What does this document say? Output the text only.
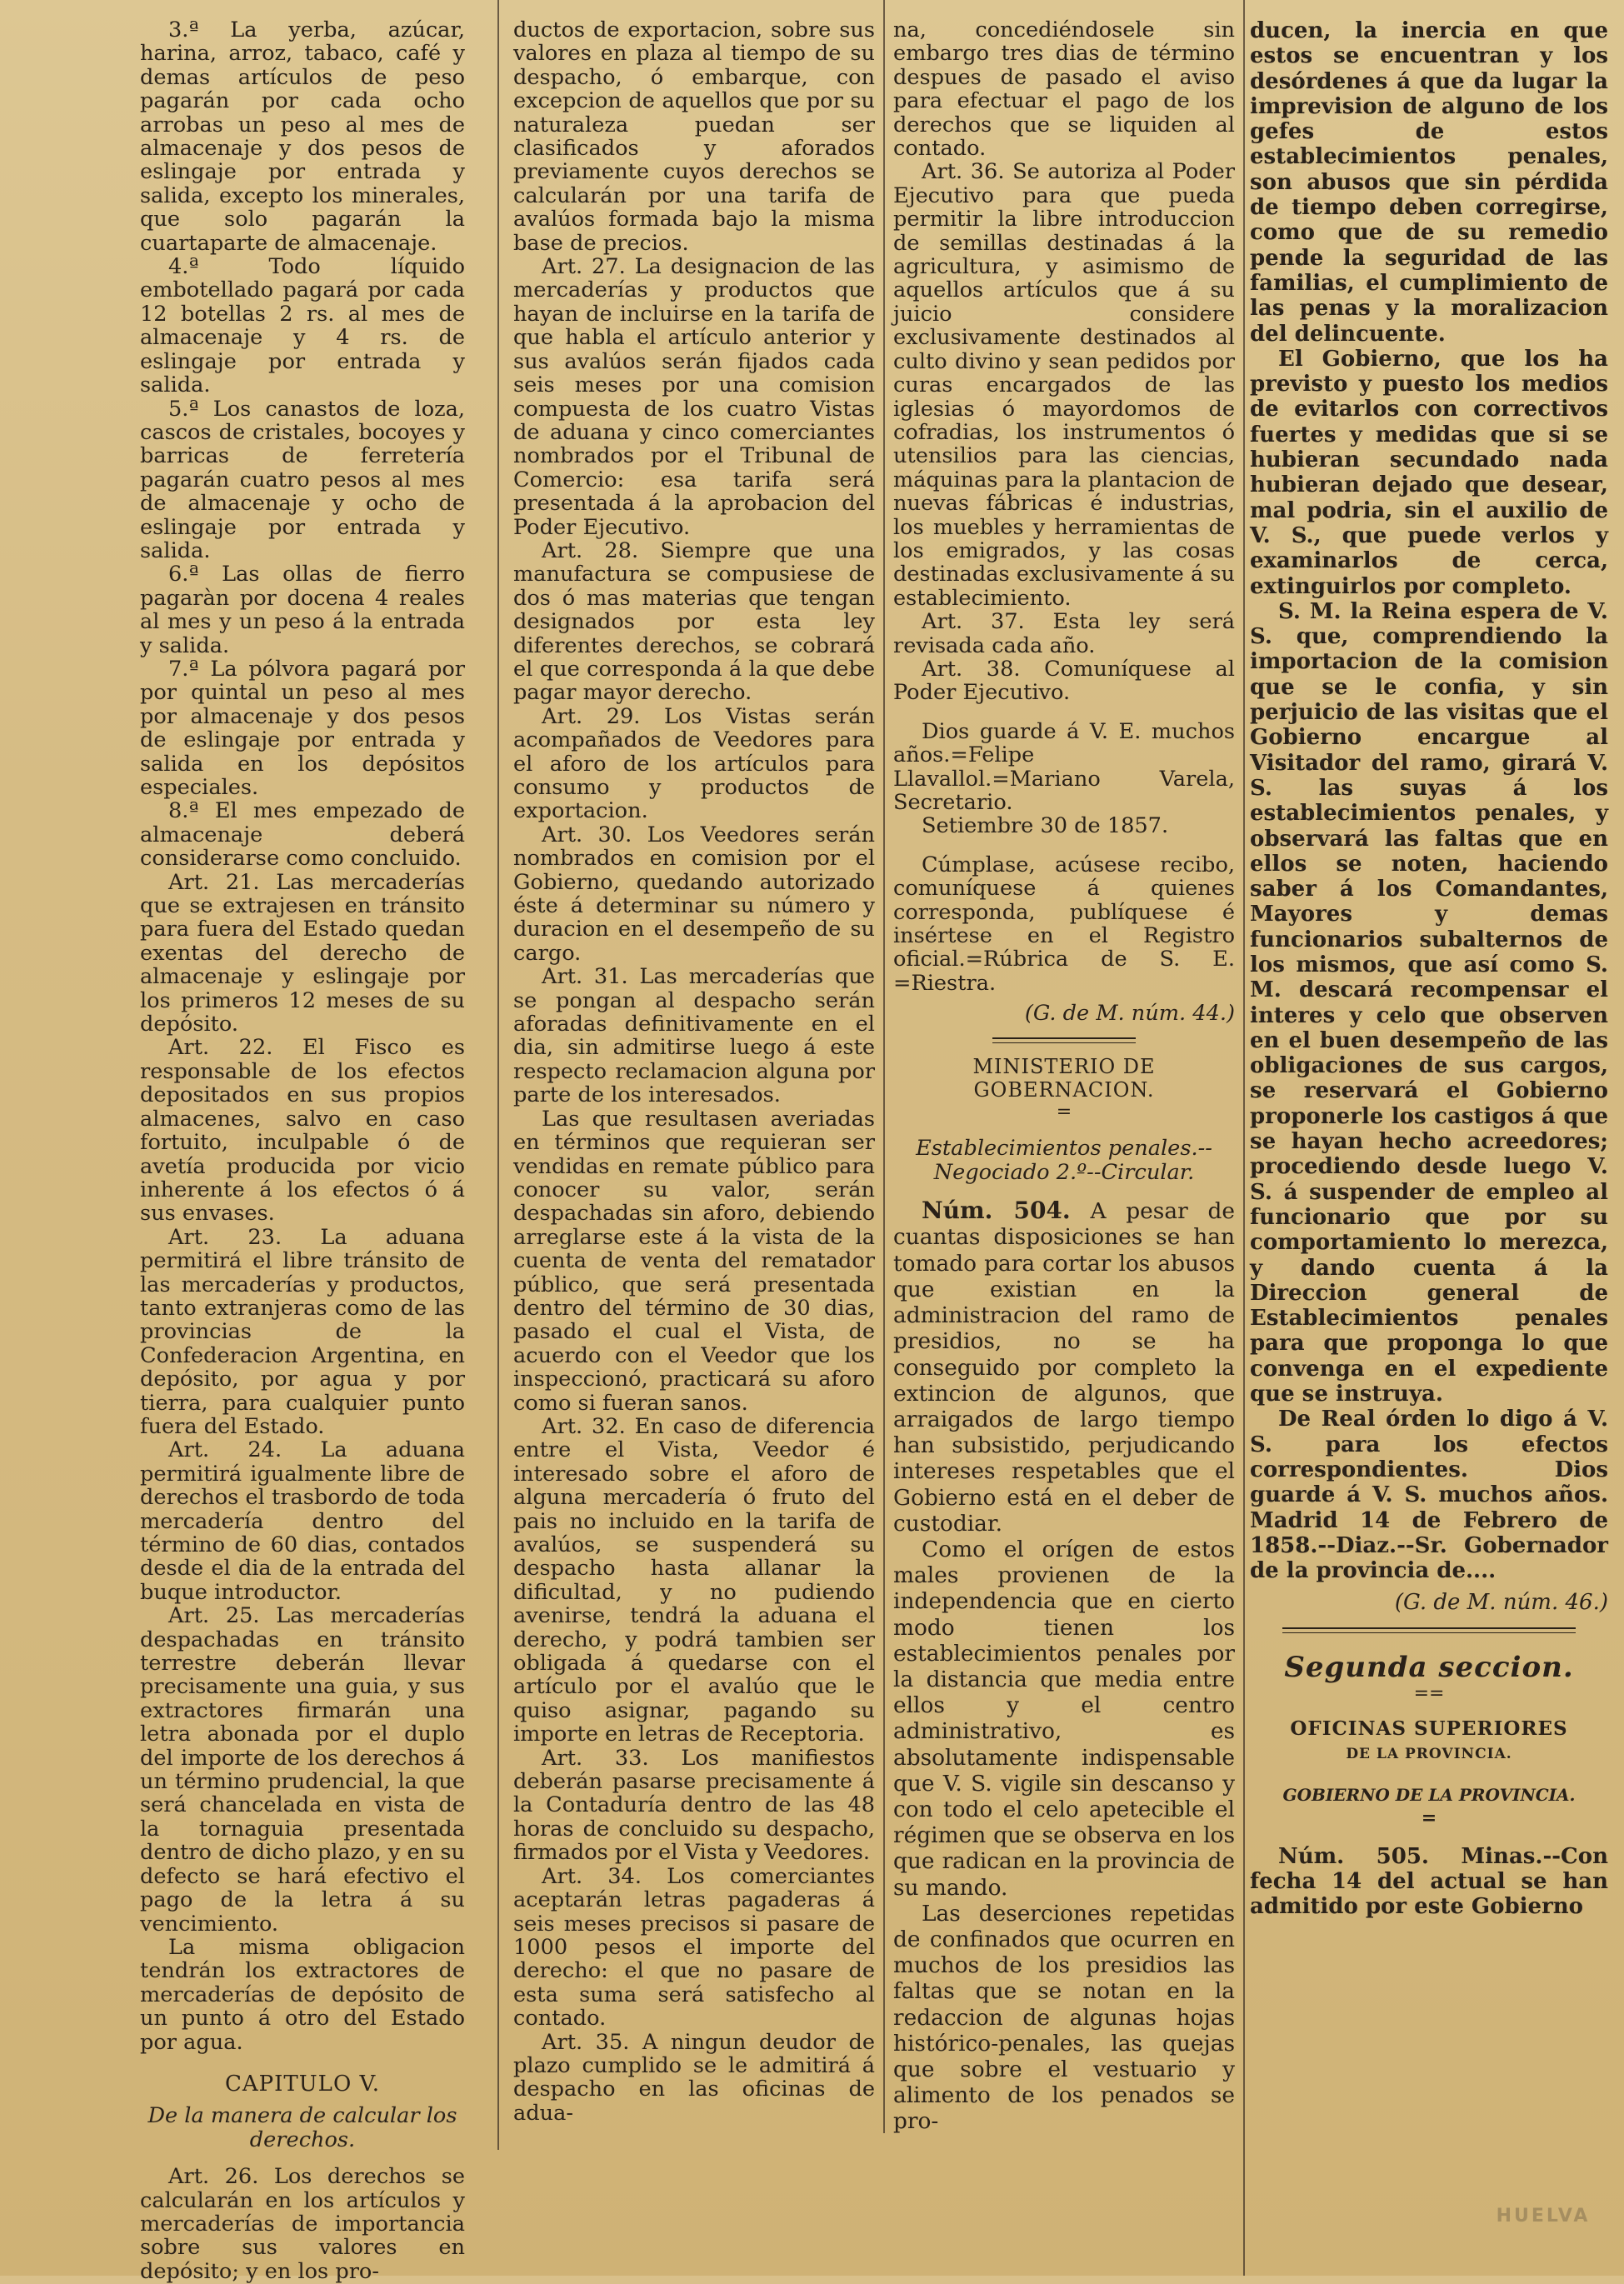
3.ª La yerba, azúcar, harina, arroz, tabaco, café y demas artículos de peso pagarán por cada ocho arrobas un peso al mes de almacenaje y dos pesos de eslingaje por entrada y salida, excepto los minerales, que solo pagarán la cuartaparte de almacenaje.

4.ª Todo líquido embotellado pagará por cada 12 botellas 2 rs. al mes de almacenaje y 4 rs. de eslingaje por entrada y salida.

5.ª Los canastos de loza, cascos de cristales, bocoyes y barricas de ferretería pagarán cuatro pesos al mes de almacenaje y ocho de eslingaje por entrada y salida.

6.ª Las ollas de fierro pagaràn por docena 4 reales al mes y un peso á la entrada y salida.

7.ª La pólvora pagará por por quintal un peso al mes por almacenaje y dos pesos de eslingaje por entrada y salida en los depósitos especiales.

8.ª El mes empezado de almacenaje deberá considerarse como concluido.

Art. 21. Las mercaderías que se extrajesen en tránsito para fuera del Estado quedan exentas del derecho de almacenaje y eslingaje por los primeros 12 meses de su depósito.

Art. 22. El Fisco es responsable de los efectos depositados en sus propios almacenes, salvo en caso fortuito, inculpable ó de avetía producida por vicio inherente á los efectos ó á sus envases.

Art. 23. La aduana permitirá el libre tránsito de las mercaderías y productos, tanto extranjeras como de las provincias de la Confederacion Argentina, en depósito, por agua y por tierra, para cualquier punto fuera del Estado.

Art. 24. La aduana permitirá igualmente libre de derechos el trasbordo de toda mercadería dentro del término de 60 dias, contados desde el dia de la entrada del buque introductor.

Art. 25. Las mercaderías despachadas en tránsito terrestre deberán llevar precisamente una guia, y sus extractores firmarán una letra abonada por el duplo del importe de los derechos á un término prudencial, la que será chancelada en vista de la tornaguia presentada dentro de dicho plazo, y en su defecto se hará efectivo el pago de la letra á su vencimiento.

La misma obligacion tendrán los extractores de mercaderías de depósito de un punto á otro del Estado por agua.

CAPITULO V.
De la manera de calcular los derechos.

Art. 26. Los derechos se calcularán en los artículos y mercaderías de importancia sobre sus valores en depósito; y en los pro-

ductos de exportacion, sobre sus valores en plaza al tiempo de su despacho, ó embarque, con excepcion de aquellos que por su naturaleza puedan ser clasificados y aforados previamente cuyos derechos se calcularán por una tarifa de avalúos formada bajo la misma base de precios.

Art. 27. La designacion de las mercaderías y productos que hayan de incluirse en la tarifa de que habla el artículo anterior y sus avalúos serán fijados cada seis meses por una comision compuesta de los cuatro Vistas de aduana y cinco comerciantes nombrados por el Tribunal de Comercio: esa tarifa será presentada á la aprobacion del Poder Ejecutivo.

Art. 28. Siempre que una manufactura se compusiese de dos ó mas materias que tengan designados por esta ley diferentes derechos, se cobrará el que corresponda á la que debe pagar mayor derecho.

Art. 29. Los Vistas serán acompañados de Veedores para el aforo de los artículos para consumo y productos de exportacion.

Art. 30. Los Veedores serán nombrados en comision por el Gobierno, quedando autorizado éste á determinar su número y duracion en el desempeño de su cargo.

Art. 31. Las mercaderías que se pongan al despacho serán aforadas definitivamente en el dia, sin admitirse luego á este respecto reclamacion alguna por parte de los interesados.

Las que resultasen averiadas en términos que requieran ser vendidas en remate público para conocer su valor, serán despachadas sin aforo, debiendo arreglarse este á la vista de la cuenta de venta del rematador público, que será presentada dentro del término de 30 dias, pasado el cual el Vista, de acuerdo con el Veedor que los inspeccionó, practicará su aforo como si fueran sanos.

Art. 32. En caso de diferencia entre el Vista, Veedor é interesado sobre el aforo de alguna mercadería ó fruto del pais no incluido en la tarifa de avalúos, se suspenderá su despacho hasta allanar la dificultad, y no pudiendo avenirse, tendrá la aduana el derecho, y podrá tambien ser obligada á quedarse con el artículo por el avalúo que le quiso asignar, pagando su importe en letras de Receptoria.

Art. 33. Los manifiestos deberán pasarse precisamente á la Contaduría dentro de las 48 horas de concluido su despacho, firmados por el Vista y Veedores.

Art. 34. Los comerciantes aceptarán letras pagaderas á seis meses precisos si pasare de 1000 pesos el importe del derecho: el que no pasare de esta suma será satisfecho al contado.

Art. 35. A ningun deudor de plazo cumplido se le admitirá á despacho en las oficinas de adua-

na, concediéndosele sin embargo tres dias de término despues de pasado el aviso para efectuar el pago de los derechos que se liquiden al contado.

Art. 36. Se autoriza al Poder Ejecutivo para que pueda permitir la libre introduccion de semillas destinadas á la agricultura, y asimismo de aquellos artículos que á su juicio considere exclusivamente destinados al culto divino y sean pedidos por curas encargados de las iglesias ó mayordomos de cofradias, los instrumentos ó utensilios para las ciencias, máquinas para la plantacion de nuevas fábricas é industrias, los muebles y herramientas de los emigrados, y las cosas destinadas exclusivamente á su establecimiento.

Art. 37. Esta ley será revisada cada año.

Art. 38. Comuníquese al Poder Ejecutivo.

Dios guarde á V. E. muchos años.=Felipe Llavallol.=Mariano Varela, Secretario.

Setiembre 30 de 1857.

Cúmplase, acúsese recibo, comuníquese á quienes corresponda, publíquese é insértese en el Registro oficial.=Rúbrica de S. E. =Riestra.

(G. de M. núm. 44.)
MINISTERIO DE GOBERNACION.
=
Establecimientos penales.--Negociado 2.º--Circular.

Núm. 504. A pesar de cuantas disposiciones se han tomado para cortar los abusos que existian en la administracion del ramo de presidios, no se ha conseguido por completo la extincion de algunos, que arraigados de largo tiempo han subsistido, perjudicando intereses respetables que el Gobierno está en el deber de custodiar.

Como el orígen de estos males provienen de la independencia que en cierto modo tienen los establecimientos penales por la distancia que media entre ellos y el centro administrativo, es absolutamente indispensable que V. S. vigile sin descanso y con todo el celo apetecible el régimen que se observa en los que radican en la provincia de su mando.

Las deserciones repetidas de confinados que ocurren en muchos de los presidios las faltas que se notan en la redaccion de algunas hojas histórico-penales, las quejas que sobre el vestuario y alimento de los penados se pro-

ducen, la inercia en que estos se encuentran y los desórdenes á que da lugar la imprevision de alguno de los gefes de estos establecimientos penales, son abusos que sin pérdida de tiempo deben corregirse, como que de su remedio pende la seguridad de las familias, el cumplimiento de las penas y la moralizacion del delincuente.

El Gobierno, que los ha previsto y puesto los medios de evitarlos con correctivos fuertes y medidas que si se hubieran secundado nada hubieran dejado que desear, mal podria, sin el auxilio de V. S., que puede verlos y examinarlos de cerca, extinguirlos por completo.

S. M. la Reina espera de V. S. que, comprendiendo la importacion de la comision que se le confia, y sin perjuicio de las visitas que el Gobierno encargue al Visitador del ramo, girará V. S. las suyas á los establecimientos penales, y observará las faltas que en ellos se noten, haciendo saber á los Comandantes, Mayores y demas funcionarios subalternos de los mismos, que así como S. M. descará recompensar el interes y celo que observen en el buen desempeño de las obligaciones de sus cargos, se reservará el Gobierno proponerle los castigos á que se hayan hecho acreedores; procediendo desde luego V. S. á suspender de empleo al funcionario que por su comportamiento lo merezca, y dando cuenta á la Direccion general de Establecimientos penales para que proponga lo que convenga en el expediente que se instruya.

De Real órden lo digo á V. S. para los efectos correspondientes. Dios guarde á V. S. muchos años. Madrid 14 de Febrero de 1858.--Diaz.--Sr. Gobernador de la provincia de....

(G. de M. núm. 46.)
Segunda seccion.
==
OFICINAS SUPERIORES
DE LA PROVINCIA.
GOBIERNO DE LA PROVINCIA.
=

Núm. 505. Minas.--Con fecha 14 del actual se han admitido por este Gobierno

HUELVA
